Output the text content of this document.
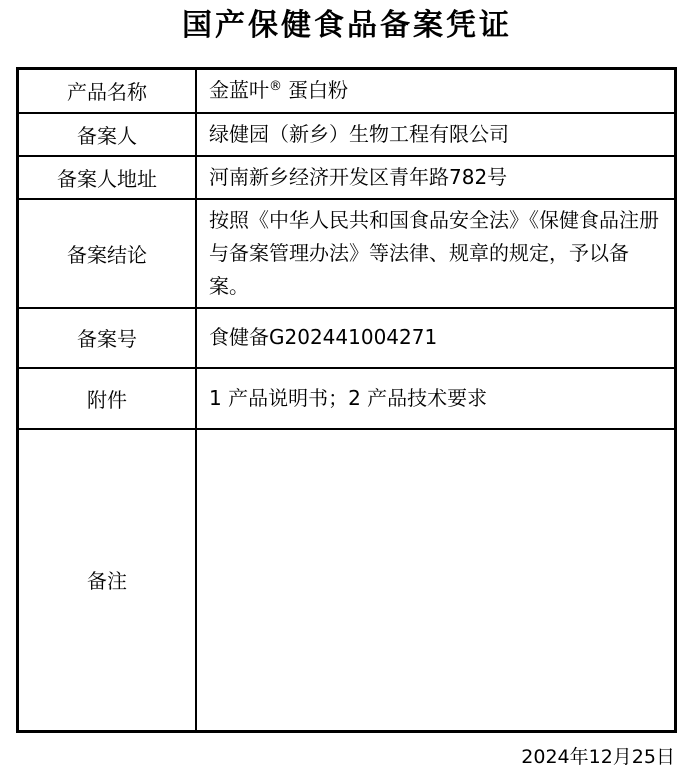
国产保健食品备案凭证
产品名称	金蓝叶® 蛋白粉
备案人	绿健园（新乡）生物工程有限公司
备案人地址	河南新乡经济开发区青年路782号
备案结论	按照《中华人民共和国食品安全法》《保健食品注册与备案管理办法》等法律、规章的规定，予以备案。
备案号	食健备G202441004271
附件	1 产品说明书；2 产品技术要求
备注	
2024年12月25日
